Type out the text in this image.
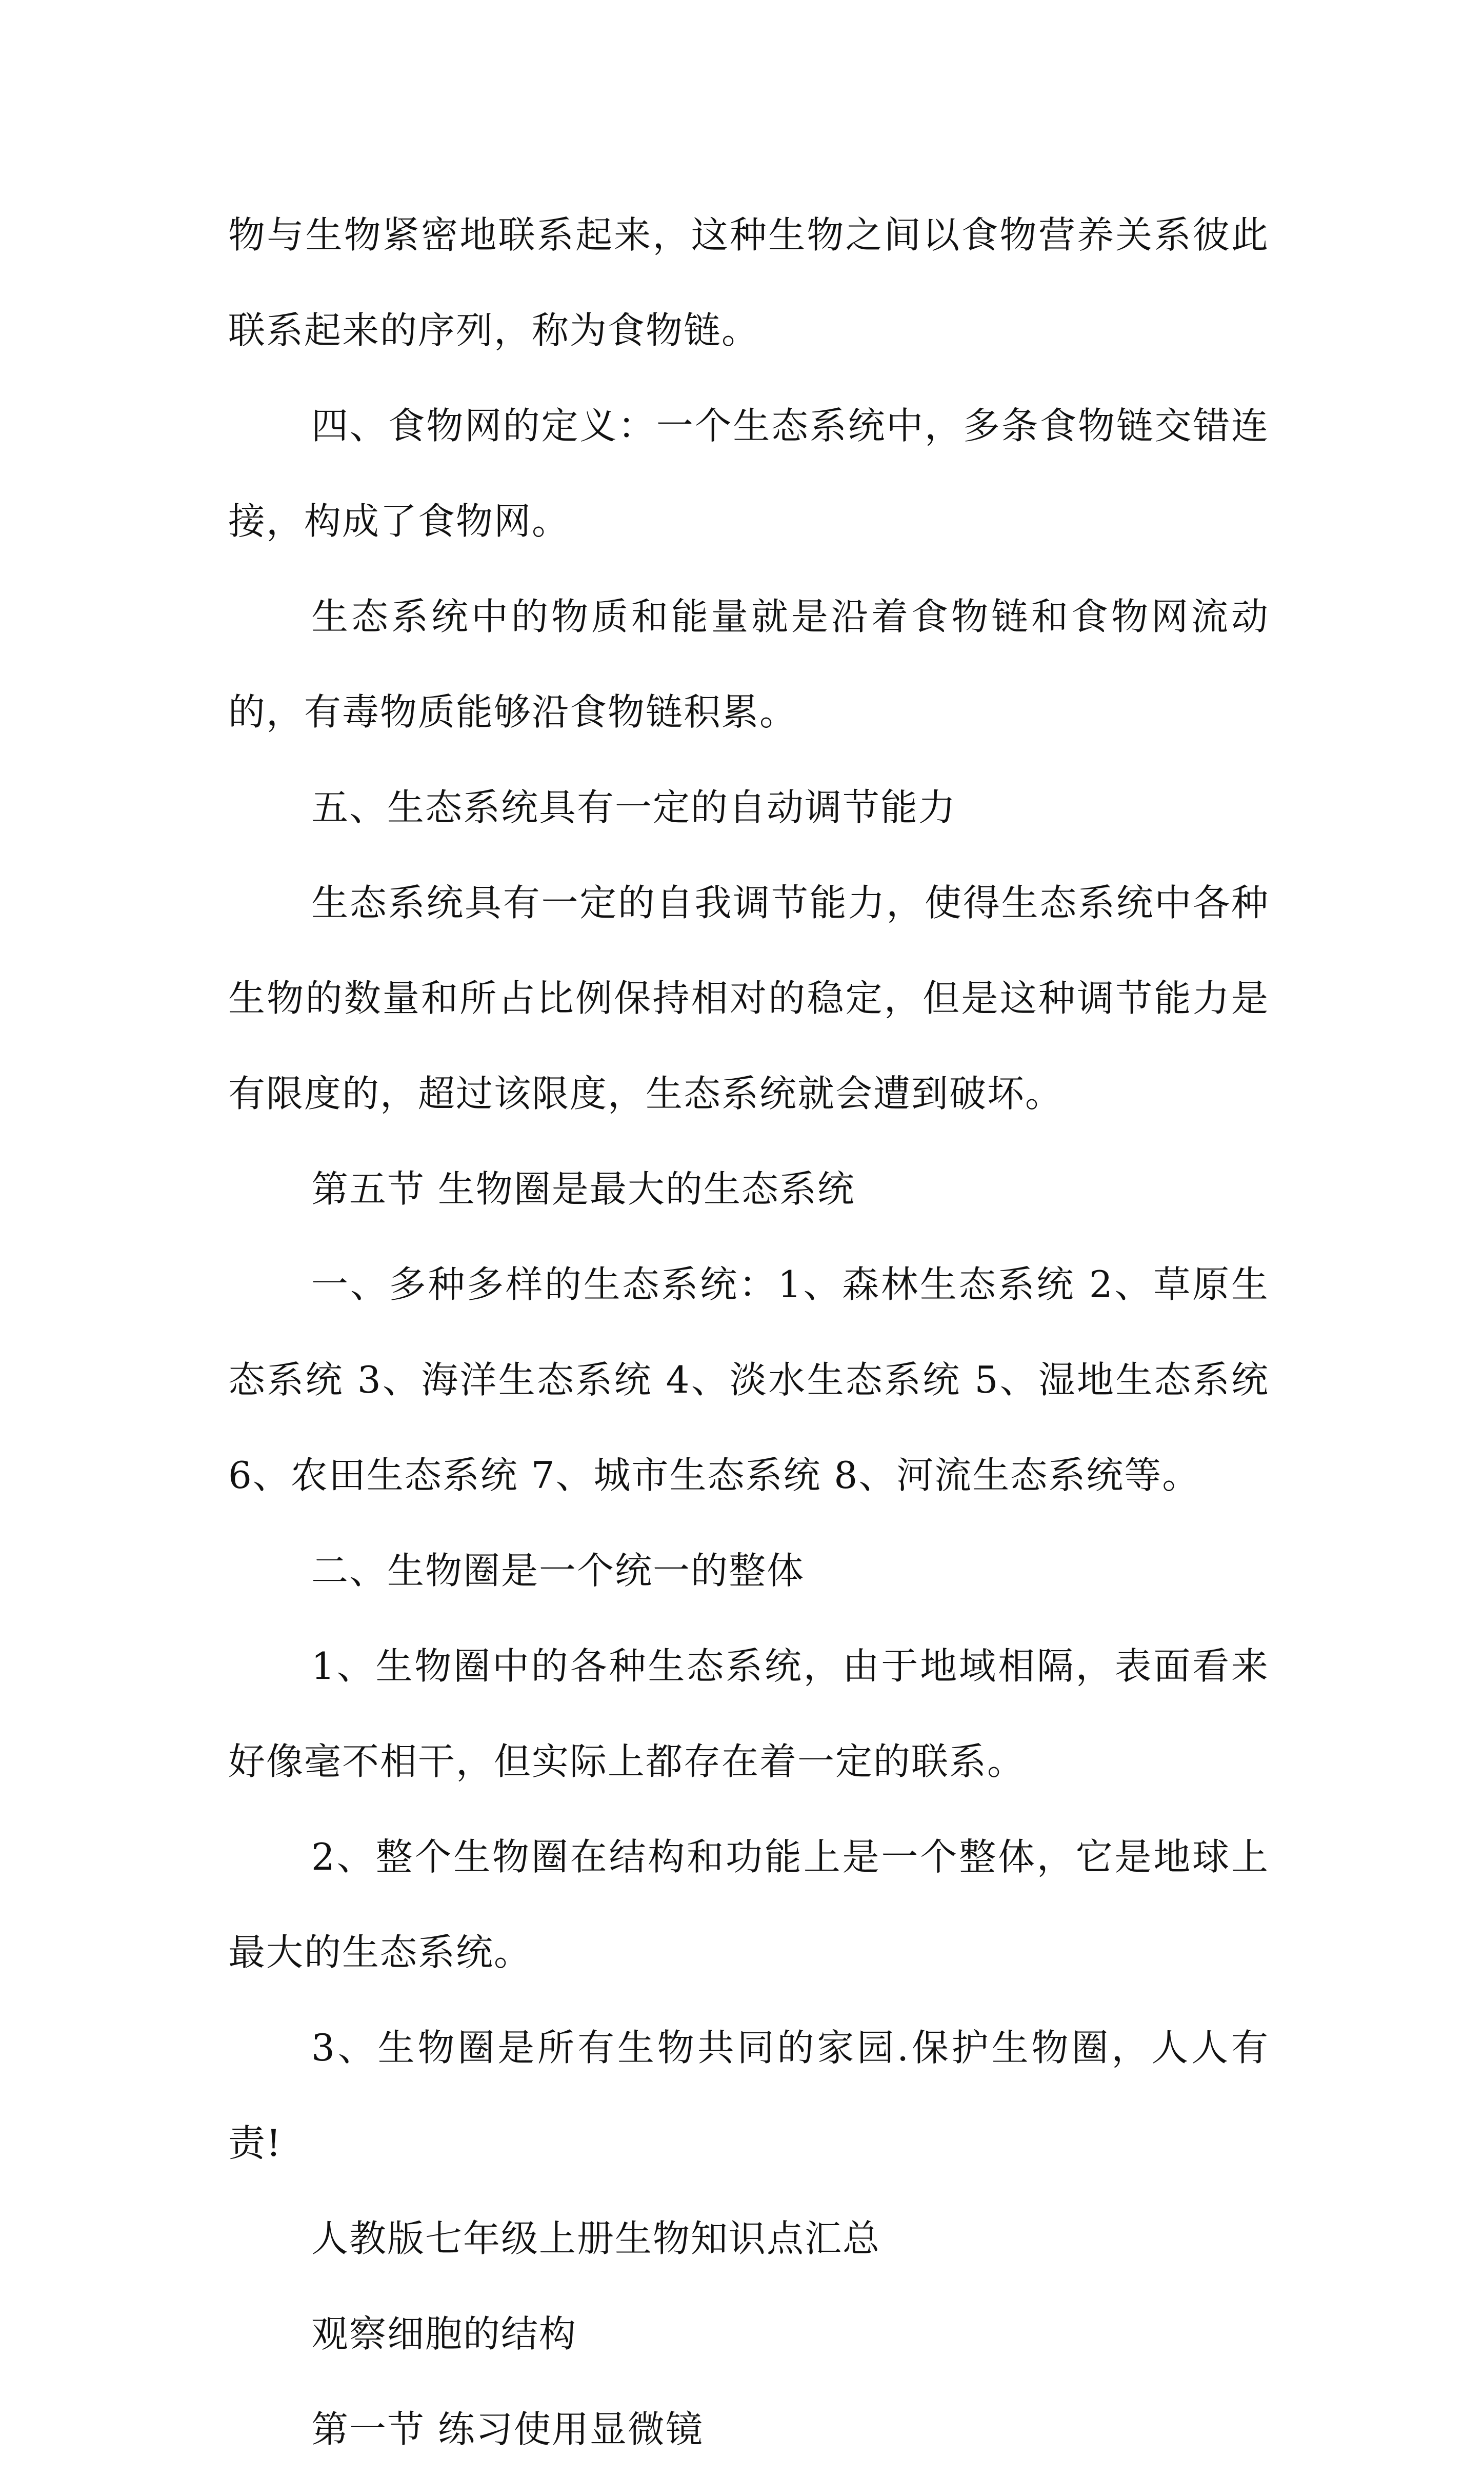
物与生物紧密地联系起来，这种生物之间以食物营养关系彼此联系起来的序列，称为食物链。

四、食物网的定义：一个生态系统中，多条食物链交错连接，构成了食物网。

生态系统中的物质和能量就是沿着食物链和食物网流动的，有毒物质能够沿食物链积累。

五、生态系统具有一定的自动调节能力

生态系统具有一定的自我调节能力，使得生态系统中各种生物的数量和所占比例保持相对的稳定，但是这种调节能力是有限度的，超过该限度，生态系统就会遭到破坏。

第五节 生物圈是最大的生态系统

一、多种多样的生态系统：1、森林生态系统 2、草原生态系统 3、海洋生态系统 4、淡水生态系统 5、湿地生态系统 6、农田生态系统 7、城市生态系统 8、河流生态系统等。

二、生物圈是一个统一的整体

1、生物圈中的各种生态系统，由于地域相隔，表面看来好像毫不相干，但实际上都存在着一定的联系。

2、整个生物圈在结构和功能上是一个整体，它是地球上最大的生态系统。

3、生物圈是所有生物共同的家园.保护生物圈，人人有责!

人教版七年级上册生物知识点汇总

观察细胞的结构

第一节 练习使用显微镜
